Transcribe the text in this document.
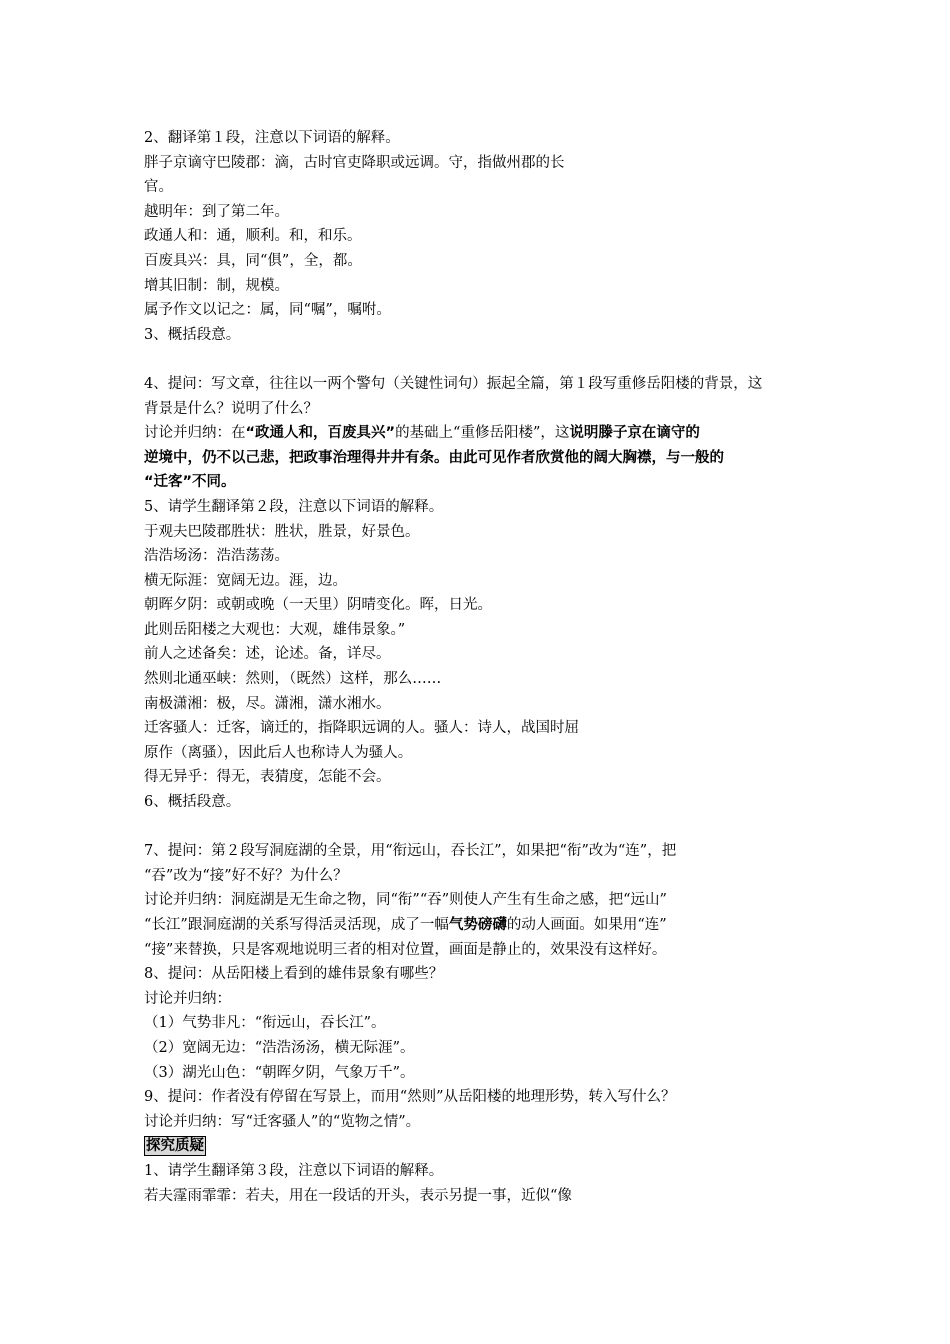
2、翻译第１段，注意以下词语的解释。
胖子京谪守巴陵郡：滴，古时官吏降职或远调。守，指做州郡的长
官。
越明年：到了第二年。
政通人和：通，顺利。和，和乐。
百废具兴：具，同“俱”，全，都。
增其旧制：制，规模。
属予作文以记之：属，同“嘱”，嘱咐。
3、概括段意。
4、提问：写文章，往往以一两个警句（关键性词句）振起全篇，第１段写重修岳阳楼的背景，这
背景是什么？说明了什么？
讨论并归纳：在“政通人和，百废具兴”的基础上“重修岳阳楼”，这说明滕子京在谪守的
逆境中，仍不以己悲，把政事治理得井井有条。由此可见作者欣赏他的阔大胸襟，与一般的
“迁客”不同。
5、请学生翻译第２段，注意以下词语的解释。
于观夫巴陵郡胜状：胜状，胜景，好景色。
浩浩场汤：浩浩荡荡。
横无际涯：宽阔无边。涯，边。
朝晖夕阴：或朝或晚（一天里）阴晴变化。晖，日光。
此则岳阳楼之大观也：大观，雄伟景象。”
前人之述备矣：述，论述。备，详尽。
然则北通巫峡：然则，（既然）这样，那么……
南极潇湘：极，尽。潇湘，潇水湘水。
迁客骚人：迁客，谪迁的，指降职远调的人。骚人：诗人，战国时屈
原作（离骚），因此后人也称诗人为骚人。
得无异乎：得无，表猜度，怎能不会。
6、概括段意。
7、提问：第２段写洞庭湖的全景，用“衔远山，吞长江”，如果把“衔”改为“连”，把
“吞”改为“接”好不好？为什么？
讨论并归纳：洞庭湖是无生命之物，同“衔”“吞”则使人产生有生命之感，把“远山”
“长江”跟洞庭湖的关系写得活灵活现，成了一幅气势磅礴的动人画面。如果用“连”
“接”来替换，只是客观地说明三者的相对位置，画面是静止的，效果没有这样好。
8、提问：从岳阳楼上看到的雄伟景象有哪些？
讨论并归纳：
（1）气势非凡：“衔远山，吞长江”。
（2）宽阔无边：“浩浩汤汤，横无际涯”。
（3）湖光山色：“朝晖夕阴，气象万千”。
9、提问：作者没有停留在写景上，而用“然则”从岳阳楼的地理形势，转入写什么？
讨论并归纳：写“迁客骚人”的“览物之情”。
探究质疑
1、请学生翻译第３段，注意以下词语的解释。
若夫霪雨霏霏：若夫，用在一段话的开头，表示另提一事，近似“像
